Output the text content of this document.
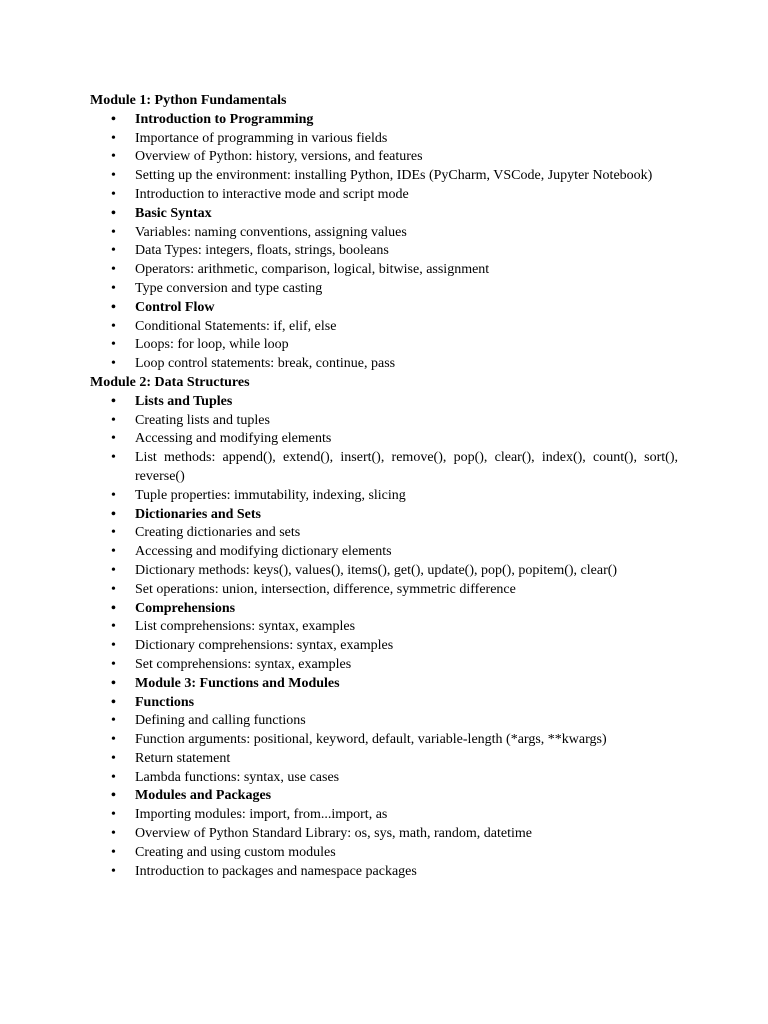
Module 1: Python Fundamentals

• Introduction to Programming
• Importance of programming in various fields
• Overview of Python: history, versions, and features
• Setting up the environment: installing Python, IDEs (PyCharm, VSCode, Jupyter Notebook)
• Introduction to interactive mode and script mode
• Basic Syntax
• Variables: naming conventions, assigning values
• Data Types: integers, floats, strings, booleans
• Operators: arithmetic, comparison, logical, bitwise, assignment
• Type conversion and type casting
• Control Flow
• Conditional Statements: if, elif, else
• Loops: for loop, while loop
• Loop control statements: break, continue, pass

Module 2: Data Structures

• Lists and Tuples
• Creating lists and tuples
• Accessing and modifying elements
• List methods: append(), extend(), insert(), remove(), pop(), clear(), index(), count(), sort(), reverse()
• Tuple properties: immutability, indexing, slicing
• Dictionaries and Sets
• Creating dictionaries and sets
• Accessing and modifying dictionary elements
• Dictionary methods: keys(), values(), items(), get(), update(), pop(), popitem(), clear()
• Set operations: union, intersection, difference, symmetric difference
• Comprehensions
• List comprehensions: syntax, examples
• Dictionary comprehensions: syntax, examples
• Set comprehensions: syntax, examples
• Module 3: Functions and Modules
• Functions
• Defining and calling functions
• Function arguments: positional, keyword, default, variable-length (*args, **kwargs)
• Return statement
• Lambda functions: syntax, use cases
• Modules and Packages
• Importing modules: import, from...import, as
• Overview of Python Standard Library: os, sys, math, random, datetime
• Creating and using custom modules
• Introduction to packages and namespace packages
